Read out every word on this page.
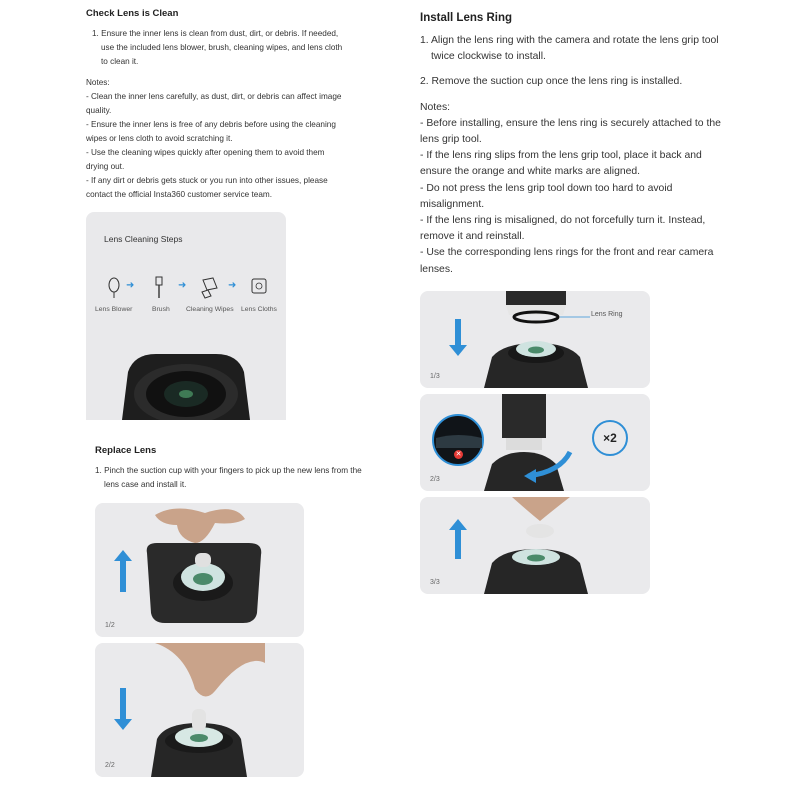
Check Lens is Clean

1. Ensure the inner lens is clean from dust, dirt, or debris. If needed, use the included lens blower, brush, cleaning wipes, and lens cloth to clean it.

Notes:

- Clean the inner lens carefully, as dust, dirt, or debris can affect image quality.
- Ensure the inner lens is free of any debris before using the cleaning wipes or lens cloth to avoid scratching it.
- Use the cleaning wipes quickly after opening them to avoid them drying out.
- If any dirt or debris gets stuck or you run into other issues, please contact the official Insta360 customer service team.
Lens Cleaning Steps
➜	➜	➜
Lens Blower	Brush Cleaning Wipes Lens Cloths
Replace Lens

1. Pinch the suction cup with your fingers to pick up the new lens from the lens case and install it.

1/2
2/2
Install Lens Ring

1. Align the lens ring with the camera and rotate the lens grip tool twice clockwise to install.

2. Remove the suction cup once the lens ring is installed.

Notes:

- Before installing, ensure the lens ring is securely attached to the lens grip tool.
- If the lens ring slips from the lens grip tool, place it back and ensure the orange and white marks are aligned.
- Do not press the lens grip tool down too hard to avoid misalignment.
- If the lens ring is misaligned, do not forcefully turn it. Instead, remove it and reinstall.
- Use the corresponding lens rings for the front and rear camera lenses.
Lens Ring
1/3
✕
×2
2/3
3/3
